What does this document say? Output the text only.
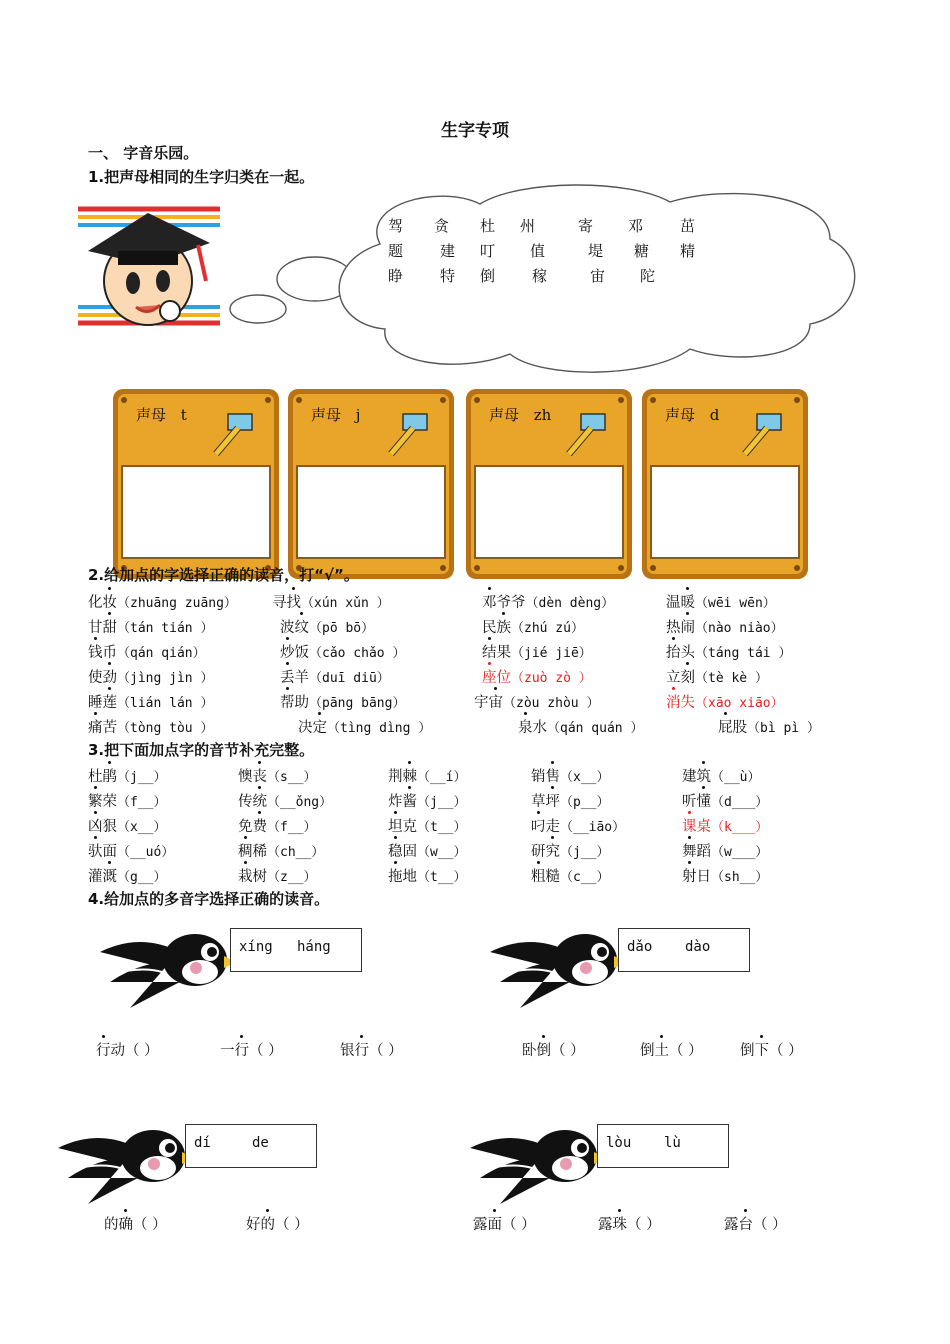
生字专项
一、 字音乐园。
1.把声母相同的生字归类在一起。
驾 贪 杜 州	寄 邓 茁
题 建 叮 值	堤 糖 精
睁 特 倒 稼	宙 陀
声母 t	声母 j	声母 zh	声母 d
2.给加点的字选择正确的读音，打“√”。
化妆（zhuāng zuāng） 寻找（xún xǔn ）	邓爷爷（dèn dèng）	温暖（wēi wēn）
甘甜（tán tián ）	波纹（pō bō）	民族（zhú zú）	热闹（nào niào）
钱币（qán qián）	炒饭（cǎo chǎo ）	结果（jié jiē）	抬头（táng tái ）
使劲（jìng jìn ）	丢羊（duī diū）	座位（zuò zò ）	立刻（tè kè ）
睡莲（lián lán ）	帮助（pāng bāng）	宇宙（zòu zhòu ）	消失（xāo xiāo）
痛苦（tòng tòu ）	决定（tìng dìng ）	泉水（qán quán ）	屁股（bì pì ）
3.把下面加点字的音节补充完整。
杜鹃（j__）	懊丧（s__）	荆棘（__í）	销售（x__）	建筑（__ù）
繁荣（f__）	传统（__ǒng）	炸酱（j__）	草坪（p__）	听懂（d___）
凶狠（x__）	免费（f__）	坦克（t__）	叼走（__iāo）	课桌（k___）
驮面（__uó）	稠稀（ch__）	稳固（w__）	研究（j__）	舞蹈（w___）
灌溉（g__）	栽树（z__）	拖地（t__）	粗糙（c__）	射日（sh__）
4.给加点的多音字选择正确的读音。
xíng háng
行动（ ）	一行（ ）	银行（ ）
dǎo dào
卧倒（ ）	倒土（ ）	倒下（ ）
dí	de
的确（ ）	好的（ ）
lòu lù
露面（ ）	露珠（ ）	露台（ ）
